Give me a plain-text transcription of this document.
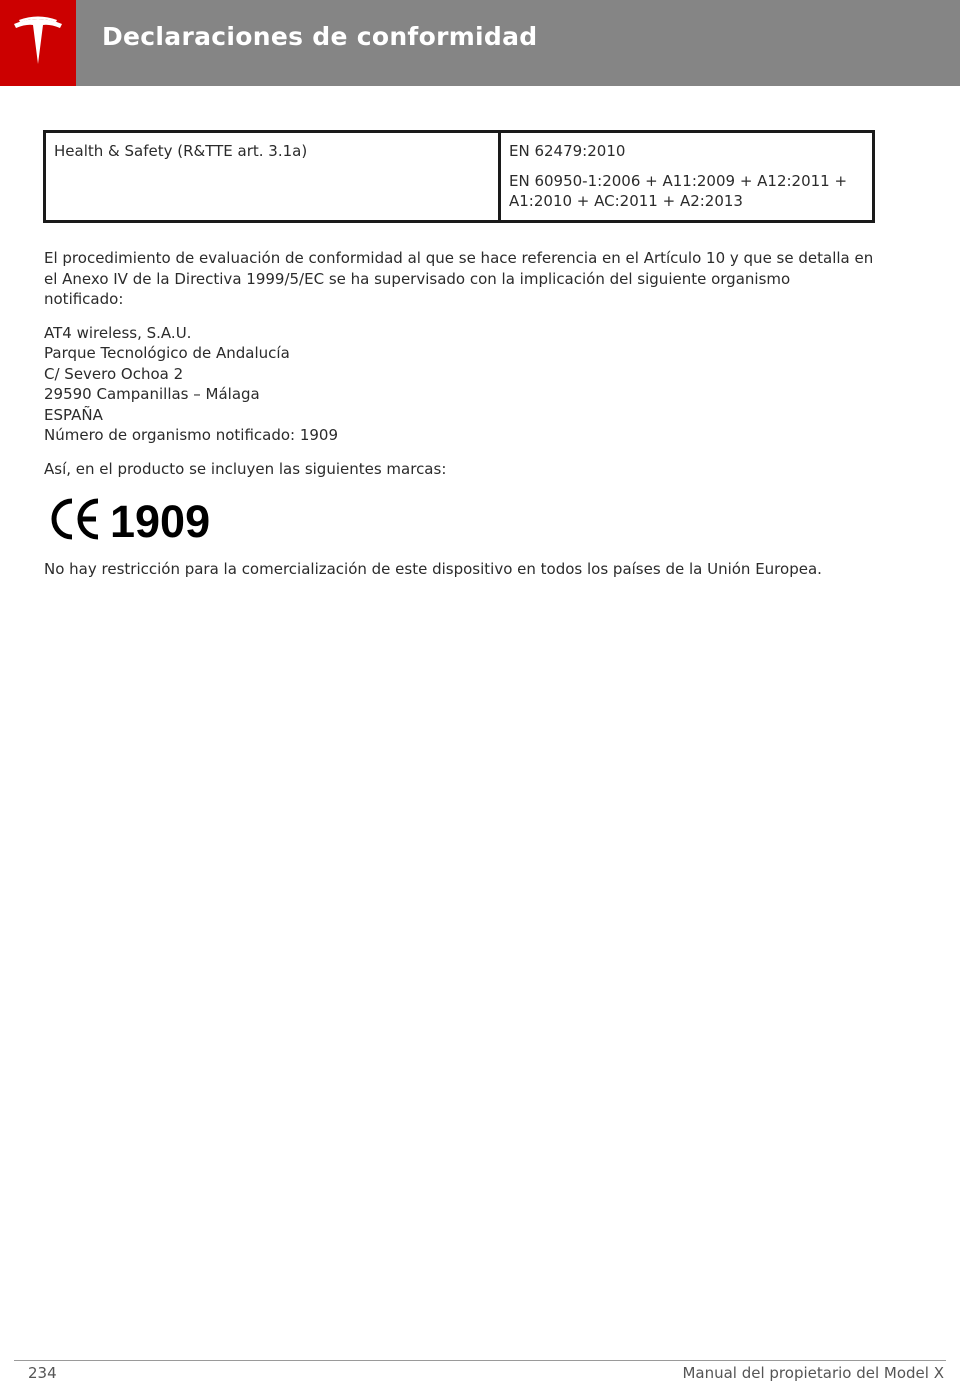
Declaraciones de conformidad
Health & Safety (R&TTE art. 3.1a)	EN 62479:2010

EN 60950-1:2006 + A11:2009 + A12:2011 + A1:2010 + AC:2011 + A2:2013

El procedimiento de evaluación de conformidad al que se hace referencia en el Artículo 10 y que se detalla en el Anexo IV de la Directiva 1999/5/EC se ha supervisado con la implicación del siguiente organismo notificado:

AT4 wireless, S.A.U.
Parque Tecnológico de Andalucía
C/ Severo Ochoa 2
29590 Campanillas – Málaga
ESPAÑA
Número de organismo notificado: 1909

Así, en el producto se incluyen las siguientes marcas:

1909

No hay restricción para la comercialización de este dispositivo en todos los países de la Unión Europea.

234	Manual del propietario del Model X
